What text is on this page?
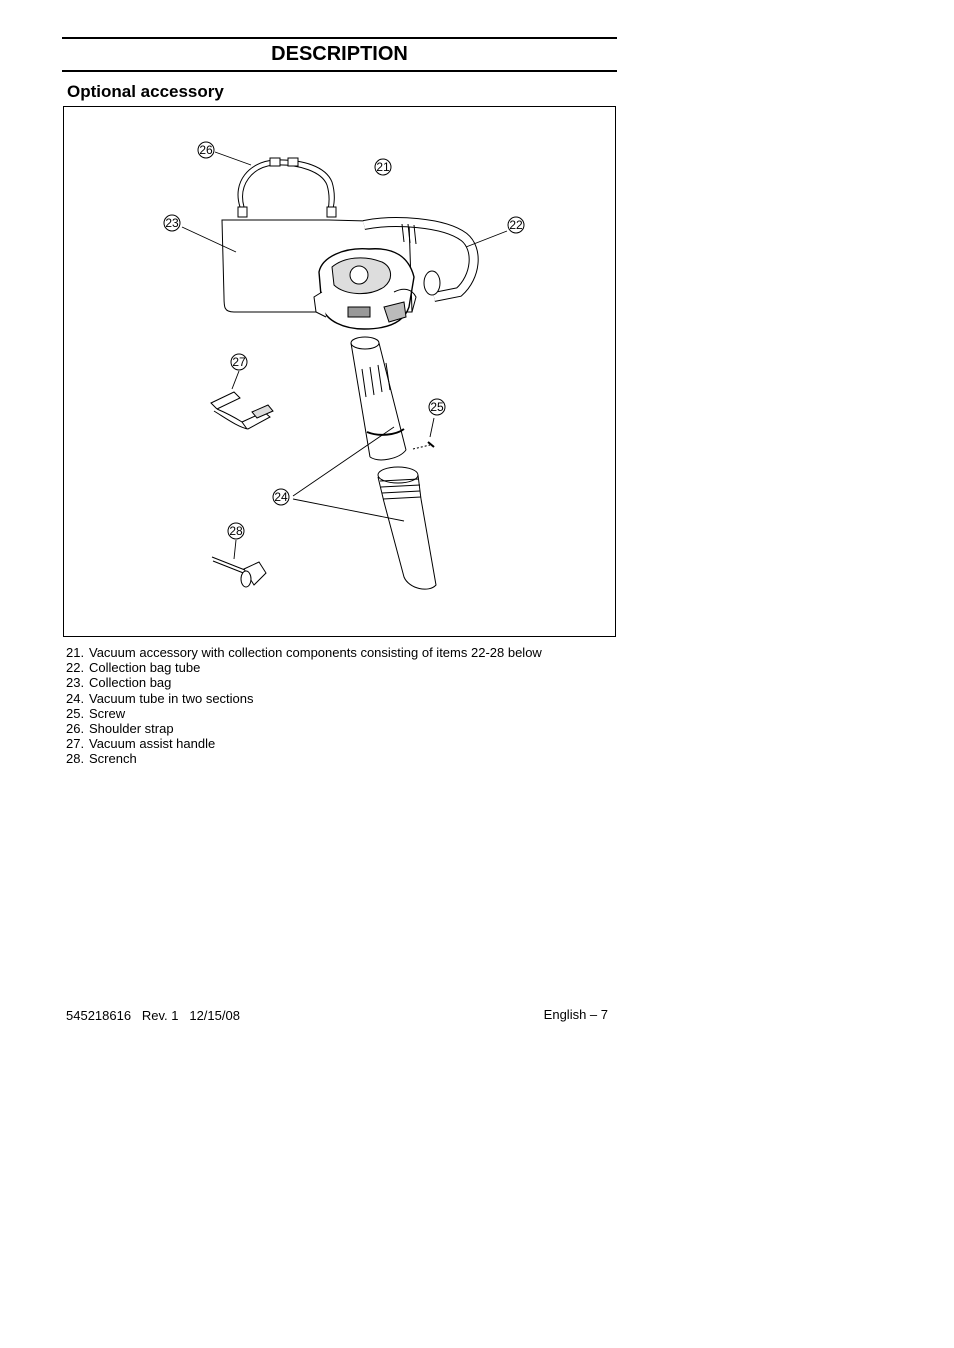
DESCRIPTION
Optional accessory
26
21
23	22
27
25
24
28
21. Vacuum accessory with collection components consisting of items 22-28 below
22. Collection bag tube
23. Collection bag
24. Vacuum tube in two sections
25. Screw
26. Shoulder strap
27. Vacuum assist handle
28. Scrench
545218616   Rev. 1   12/15/08	English – 7
